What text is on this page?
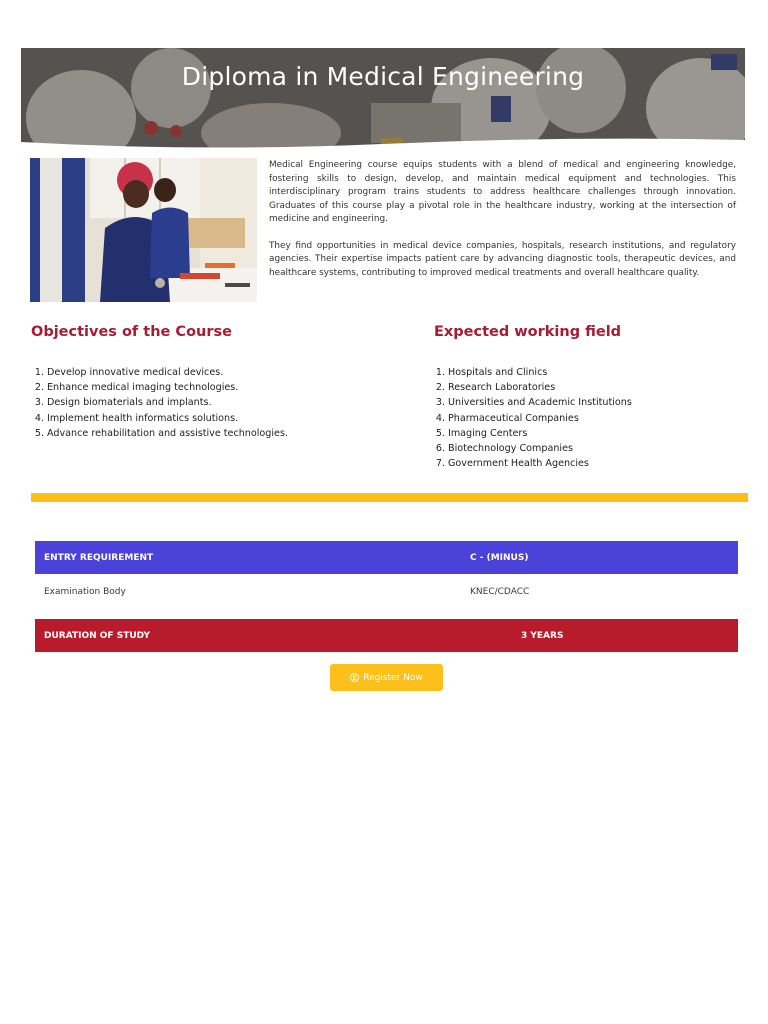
Diploma in Medical Engineering

Medical Engineering course equips students with a blend of medical and engineering knowledge, fostering skills to design, develop, and maintain medical equipment and technologies. This interdisciplinary program trains students to address healthcare challenges through innovation. Graduates of this course play a pivotal role in the healthcare industry, working at the intersection of medicine and engineering.

They find opportunities in medical device companies, hospitals, research institutions, and regulatory agencies. Their expertise impacts patient care by advancing diagnostic tools, therapeutic devices, and healthcare systems, contributing to improved medical treatments and overall healthcare quality.

Objectives of the Course
1. Develop innovative medical devices.
2. Enhance medical imaging technologies.
3. Design biomaterials and implants.
4. Implement health informatics solutions.
5. Advance rehabilitation and assistive technologies.
Expected working field
1. Hospitals and Clinics
2. Research Laboratories
3. Universities and Academic Institutions
4. Pharmaceutical Companies
5. Imaging Centers
6. Biotechnology Companies
7. Government Health Agencies
ENTRY REQUIREMENT	C - (MINUS)
Examination Body	KNEC/CDACC
DURATION OF STUDY	3 YEARS
Register Now
